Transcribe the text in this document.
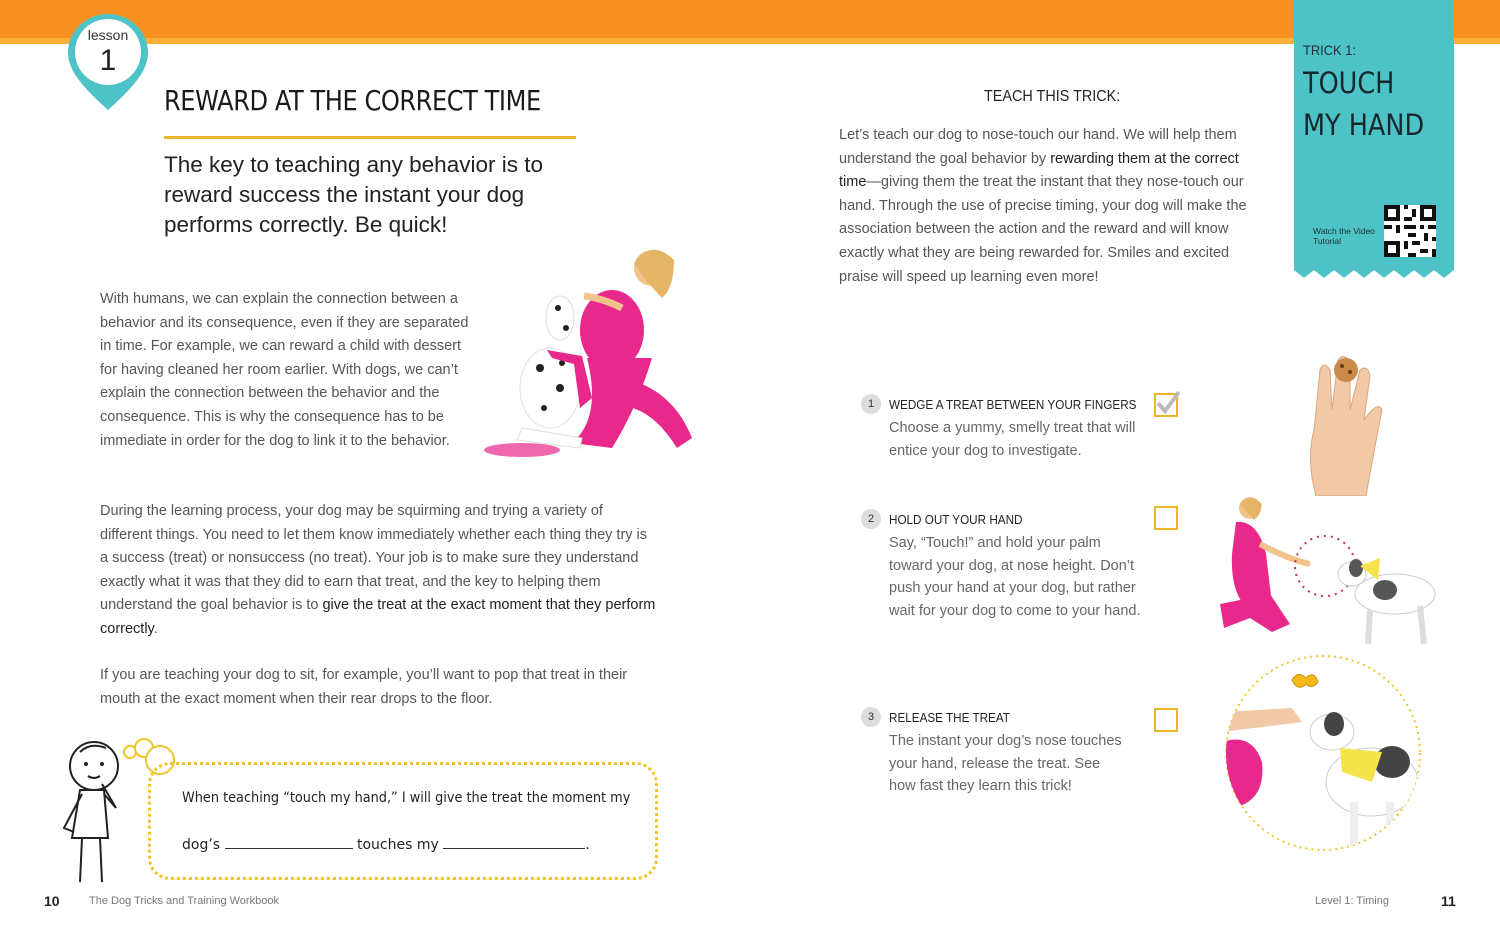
lesson
1
REWARD AT THE CORRECT TIME
The key to teaching any behavior is to reward success the instant your dog performs correctly. Be quick!
With humans, we can explain the connection between a behavior and its consequence, even if they are separated in time. For example, we can reward a child with dessert for having cleaned her room earlier. With dogs, we can’t explain the connection between the behavior and the consequence. This is why the consequence has to be immediate in order for the dog to link it to the behavior.
During the learning process, your dog may be squirming and trying a variety of different things. You need to let them know immediately whether each thing they try is a success (treat) or nonsuccess (no treat). Your job is to make sure they understand exactly what it was that they did to earn that treat, and the key to helping them understand the goal behavior is to give the treat at the exact moment that they perform correctly.
If you are teaching your dog to sit, for example, you’ll want to pop that treat in their mouth at the exact moment when their rear drops to the floor.
When teaching “touch my hand,” I will give the treat the moment my
dog’s	touches my	.
10	The Dog Tricks and Training Workbook	Level 1: Timing	11
TRICK 1:
TOUCH MY HAND
Watch the Video Tutorial
TEACH THIS TRICK:
Let’s teach our dog to nose-touch our hand. We will help them understand the goal behavior by rewarding them at the correct time—giving them the treat the instant that they nose-touch our hand. Through the use of precise timing, your dog will make the association between the action and the reward and will know exactly what they are being rewarded for. Smiles and excited praise will speed up learning even more!
1	WEDGE A TREAT BETWEEN YOUR FINGERS
Choose a yummy, smelly treat that will entice your dog to investigate.
2	HOLD OUT YOUR HAND
Say, “Touch!” and hold your palm toward your dog, at nose height. Don’t push your hand at your dog, but rather wait for your dog to come to your hand.
3	RELEASE THE TREAT
The instant your dog’s nose touches your hand, release the treat. See how fast they learn this trick!
